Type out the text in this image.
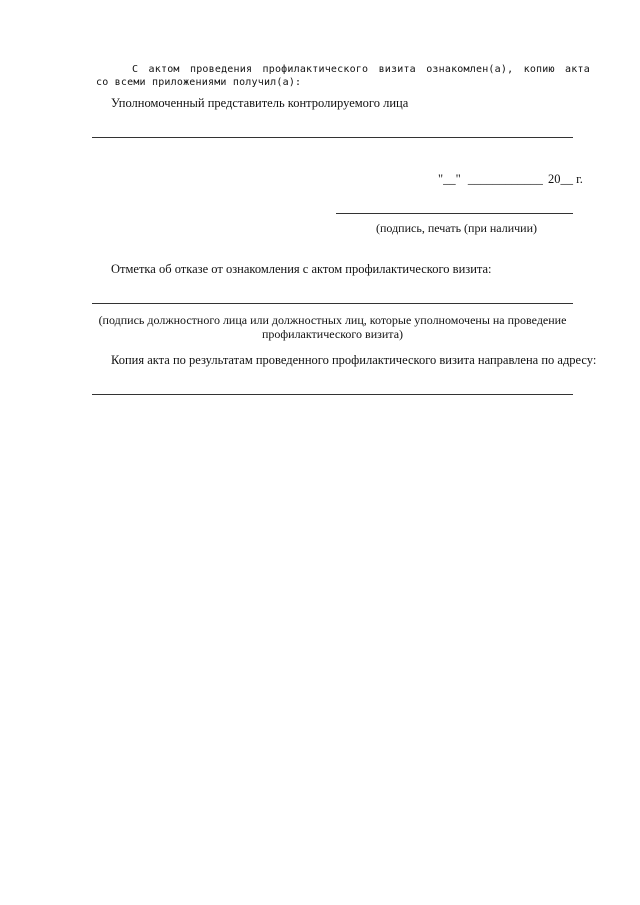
С актом проведения профилактического визита ознакомлен(а), копию акта
со всеми приложениями получил(а):
Уполномоченный представитель контролируемого лица
"__" ____________ 20__ г.
(подпись, печать (при наличии)
Отметка об отказе от ознакомления с актом профилактического визита:
(подпись должностного лица или должностных лиц, которые уполномочены на проведение
профилактического визита)
Копия акта по результатам проведенного профилактического визита направлена по адресу:
